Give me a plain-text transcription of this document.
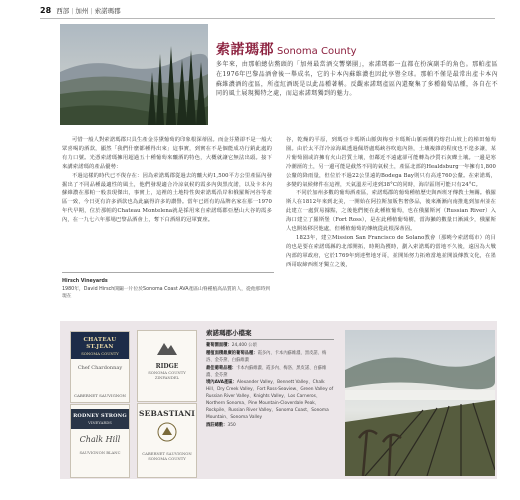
28 西部 | 加州 | 索諾瑪郡
索諾瑪郡 Sonoma County
多年來，由那帕總佔鰲頭的「加州最當酒交響樂團」，索諾瑪郡一直都在扮演副手的角色。那帕產區在1976年巴黎品酒會後一舉成名，它的卡本內蘇維濃也因此享譽全球。那帕不僅是最常出產卡本內蘇維濃酒的產區，所產紅酒既是以此品種著稱。反觀索諾瑪產區內還聚集了多種葡萄品種，各自在不同的風土展現獨特之處，而這索諾瑪獨到的魅力。

可惜一般人對索諾瑪郡只具生產金芬黛葡萄的印象根深蒂固。而金芬黛卻不是一般大眾喜喝的酒款，顯然「我們什麼都種得出來」這事實，到實在不是個能成功行銷此處的有力口號。光憑索諾瑪擁用超過五十種葡萄來釀酒的特色，大概就讓它無法出頭。接下來講索諾瑪的產品優勢：

不過這樣的時代已不復存在：因為索諾瑪郡從過去的釀大約1,500平方公里產區內發掘出了不同品種最適性的風土，他們發現適合冷涼氣候的霞多內與黑皮諾，以及卡本內蘇維濃在那帕一般表現傑出，事實上，這裡的土地特性與索諾瑪沿岸和俄羅斯河谷等產區一致，今日更有許多酒款也為此贏得許多的讚譽。當年已經有的品牌名家在那一1970年代早期，位於那帕的Chateau Montelena就是採用來自索諾瑪郡亞歷山大谷的霞多內，在一九七六年那場巴黎品酒會上，奪下白酒組的冠軍寶座。

Hirsch Vineyards
1980年，David Hirsch開闢一片位於Sonoma Coast AVA產區山脊種植高品質的人，從他那時到現在

谷，乾燥的平原，到瑪亞卡瑪斯山脈與梅亞卡瑪斯山脈兩側的熔岩山坡上的梯田葡萄園。由於太平洋冷涼海風透過佩塔盧瑪峽谷吹進內陸，土壤複雜的程度也不遑多讓，某片葡萄園或許擁有火山岩質土壤，但鄰近不遠處卻可能轉為沙質石灰礫土壤。一邊是寒冷潮溼的土，另一邊可能是截然不同的氣候土，產區北部的Healdsburg一年擁有1,800公釐的降雨量，但位於不過22公里遠的Bodega Bay則只有高達760公釐。在索諾瑪，多變的氣候條件在這裡，天氣溫差可達到38°C的同時，海岸區則可能只有24°C。

不同於加州多數的葡萄酒產區，索諾瑪郡的葡萄種植歷史與西班牙傳教士無關。俄羅斯人在1812年來到北美，一開始在阿拉斯加販售奢侈品，後來漸漸向南推進到加州並在此建立一處貿易據點，之後他們便在此種植葡萄，也在俄羅斯河（Russian River）入海口建立了羅斯堡（Fort Ross），是在此種植葡萄樹，當海獺的數量日漸減少，俄羅斯人也開始移居他處，但種植葡萄的傳統從此根深蒂固。

1823年，建立Mission San Francisco de Solano教會（那曉今索諾瑪市）的目的也是要在索諾瑪縣的北部開拓，時期為獲時，劃入索諾瑪的當地不久後，遠因為大戰內部的軍政府，它於1769年到達聖地牙哥，並開始努力拓殖當地並開設傳教文化，在墨西哥取締西班牙獨立之後，

CHATEAU ST.JEAN
SONOMA COUNTY
Chef Chardonnay
CABERNET SAUVIGNON
RIDGE
SONOMA COUNTY ZINFANDEL
RODNEY STRONG
VINEYARDS
Chalk Hill
SAUVIGNON BLANC
SEBASTIANI
CABERNET SAUVIGNON
SONOMA COUNTY
索諾瑪郡小檔案
葡萄園面積：24,400 公頃
種植面積最廣的葡萄品種：霞多內、卡本內蘇維濃、黑皮諾、梅洛、金芬黛、白蘇維濃
最佳葡萄品種：卡本內蘇維濃、霞多內、梅洛、黑皮諾、白蘇維濃、金芬黛
境內AVA產區：Alexander Valley、Bennett Valley、Chalk Hill、Dry Creek Valley、Fort Ross-Seaview、Green Valley of Russian River Valley、Knights Valley、Los Carneros、Northern Sonoma、Pine Mountain-Cloverdale Peak、Rockpile、Russian River Valley、Sonoma Coast、Sonoma Mountain、Sonoma Valley
酒莊總數：350
